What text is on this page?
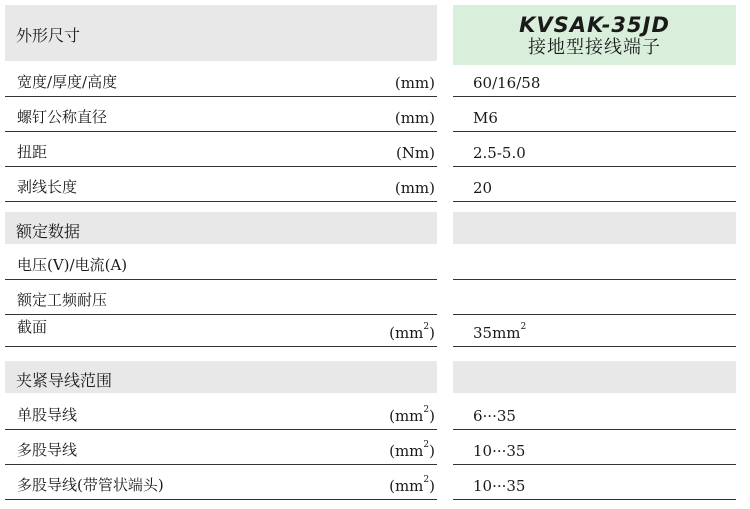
外形尺寸	KVSAK-35JD
接地型接线端子
宽度/厚度/高度	(mm)	60/16/58
螺钉公称直径	(mm)	M6
扭距	(Nm)	2.5-5.0
剥线长度	(mm)	20
额定数据
电压(V)/电流(A)
额定工频耐压
截面	$(mm^2)$	$35mm^2$
夹紧导线范围
单股导线	$(mm^2)$	6···35
多股导线	$(mm^2)$	10···35
多股导线(带管状端头)	$(mm^2)$	10···35
